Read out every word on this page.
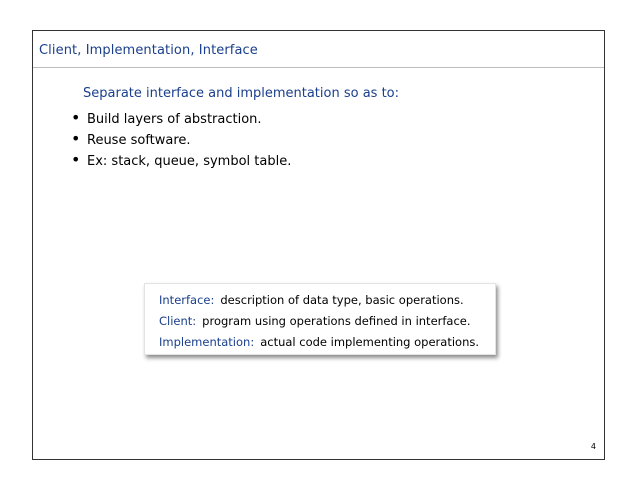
Client, Implementation, Interface
Separate interface and implementation so as to:
• Build layers of abstraction.
• Reuse software.
• Ex: stack, queue, symbol table.
Interface: description of data type, basic operations.
Client: program using operations defined in interface.
Implementation: actual code implementing operations.
4
